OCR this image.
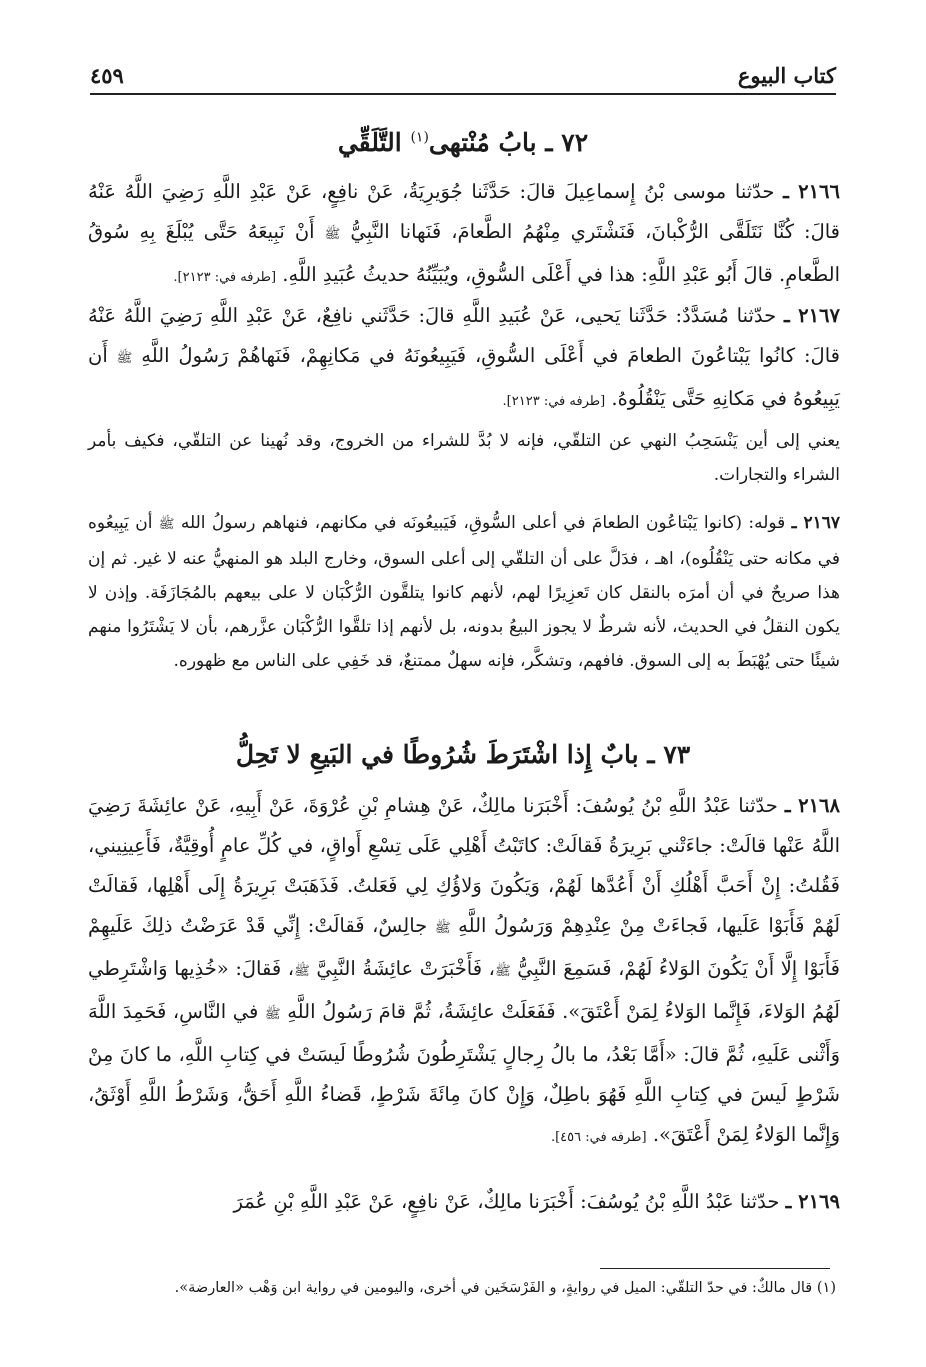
كتاب البيوع
٤٥٩
٧٢ ـ بابُ مُنْتهى$^{(١)}$ التَّلَقِّي
٢١٦٦ ـ حدّثنا موسى بْنُ إِسماعِيلَ قالَ: حَدَّثَنا جُوَيرِيَةُ، عَنْ نافِعٍ، عَنْ عَبْدِ اللَّهِ رَضِيَ اللَّهُ عَنْهُ قالَ: كُنَّا نَتَلَقَّى الرُّكْبانَ، فَنَشْتَري مِنْهُمُ الطَّعامَ، فَنَهانا النَّبِيُّ ﷺ أَنْ نَبِيعَهُ حَتَّى يُبْلَغَ بِهِ سُوقُ الطَّعامِ. قالَ أَبُو عَبْدِ اللَّهِ: هذا في أَعْلَى السُّوقِ، ويُبَيِّنُهُ حديثُ عُبَيدِ اللَّهِ. [طرفه في: ٢١٢٣].
٢١٦٧ ـ حدّثنا مُسَدَّدٌ: حَدَّثَنا يَحيى، عَنْ عُبَيدِ اللَّهِ قالَ: حَدَّثَني نافِعٌ، عَنْ عَبْدِ اللَّهِ رَضِيَ اللَّهُ عَنْهُ قالَ: كانُوا يَبْتاعُونَ الطعامَ في أَعْلَى السُّوقِ، فَيَبِيعُونَهُ في مَكانِهِمْ، فَنَهاهُمْ رَسُولُ اللَّهِ ﷺ أَن يَبِيعُوهُ في مَكانِهِ حَتَّى يَنْقُلُوهُ. [طرفه في: ٢١٢٣].
يعني إلى أين يَنْسَحِبُ النهي عن التلقّي، فإنه لا بُدَّ للشراء من الخروج، وقد نُهينا عن التلقّي، فكيف بأمر الشراء والتجارات.
٢١٦٧ ـ قوله: (كانوا يَبْتاعُون الطعامَ في أعلى السُّوقِ، فَيَبيعُونَه في مكانهم، فنهاهم رسولُ الله ﷺ أن يَبِيعُوه في مكانه حتى يَنْقُلُوه)، اهـ ، فدَلَّ على أن التلقّي إلى أعلى السوق، وخارج البلد هو المنهيُّ عنه لا غير. ثم إن هذا صريحٌ في أن أمرَه بالنقل كان تَعزِيرًا لهم، لأنهم كانوا يتلقَّون الرُّكْبَان لا على بيعهم بالمُجَازَفَة. وإذن لا يكون النقلُ في الحديث، لأنه شرطٌ لا يجوز البيعُ بدونه، بل لأنهم إذا تلقَّوا الرُّكْبَان عزَّرهم، بأن لا يَشْتَرُوا منهم شيئًا حتى يُهْبَطَ به إلى السوق. فافهم، وتشكَّر، فإنه سهلٌ ممتنعٌ، قد خَفِي على الناس مع ظهوره.
٧٣ ـ بابٌ إِذا اشْتَرَطَ شُرُوطًا في البَيعِ لا تَحِلُّ
٢١٦٨ ـ حدّثنا عَبْدُ اللَّهِ بْنُ يُوسُفَ: أَخْبَرَنا مالِكٌ، عَنْ هِشامِ بْنِ عُرْوَةَ، عَنْ أَبِيهِ، عَنْ عائِشَةَ رَضِيَ اللَّهُ عَنْها قالَتْ: جاءَتْني بَرِيرَةُ فَقالَتْ: كاتَبْتُ أَهْلِي عَلَى تِسْعِ أَواقٍ، في كُلِّ عامٍ أُوقِيَّةٌ، فَأَعِينِيني، فَقُلتُ: إِنْ أَحَبَّ أَهْلُكِ أَنْ أَعُدَّها لَهُمْ، وَيَكُونَ وَلاؤُكِ لِي فَعَلتُ. فَذَهَبَتْ بَرِيرَةُ إِلَى أَهْلِها، فَقالَتْ لَهُمْ فَأَبَوْا عَلَيها، فَجاءَتْ مِنْ عِنْدِهِمْ وَرَسُولُ اللَّهِ ﷺ جالِسٌ، فَقالَتْ: إِنِّي قَدْ عَرَضْتُ ذلِكَ عَلَيهِمْ فَأَبَوْا إِلَّا أَنْ يَكُونَ الوَلاءُ لَهُمْ، فَسَمِعَ النَّبِيُّ ﷺ، فَأَخْبَرَتْ عائِشَةُ النَّبِيَّ ﷺ، فَقالَ: «خُذِيها وَاشْتَرِطي لَهُمُ الوَلاءَ، فَإِنَّما الوَلاءُ لِمَنْ أَعْتَقَ». فَفَعَلَتْ عائِشَةُ، ثُمَّ قامَ رَسُولُ اللَّهِ ﷺ في النَّاسِ، فَحَمِدَ اللَّهَ وَأَثْنى عَلَيهِ، ثُمَّ قالَ: «أَمَّا بَعْدُ، ما بالُ رِجالٍ يَشْتَرِطُونَ شُرُوطًا لَيسَتْ في كِتابِ اللَّهِ، ما كانَ مِنْ شَرْطٍ لَيسَ في كِتابِ اللَّهِ فَهُوَ باطِلٌ، وَإِنْ كانَ مِائَةَ شَرْطٍ، قَضاءُ اللَّهِ أَحَقُّ، وَشَرْطُ اللَّهِ أَوْثَقُ، وَإِنَّما الوَلاءُ لِمَنْ أَعْتَقَ». [طرفه في: ٤٥٦].
٢١٦٩ ـ حدّثنا عَبْدُ اللَّهِ بْنُ يُوسُفَ: أَخْبَرَنا مالِكٌ، عَنْ نافِعٍ، عَنْ عَبْدِ اللَّهِ بْنِ عُمَرَ
(١) قال مالكٌ: في حدّ التلقّي: الميل في روايةٍ، و الفَرْسَخَين في أخرى، واليومين في رواية ابن وَهْب «العارضة».
